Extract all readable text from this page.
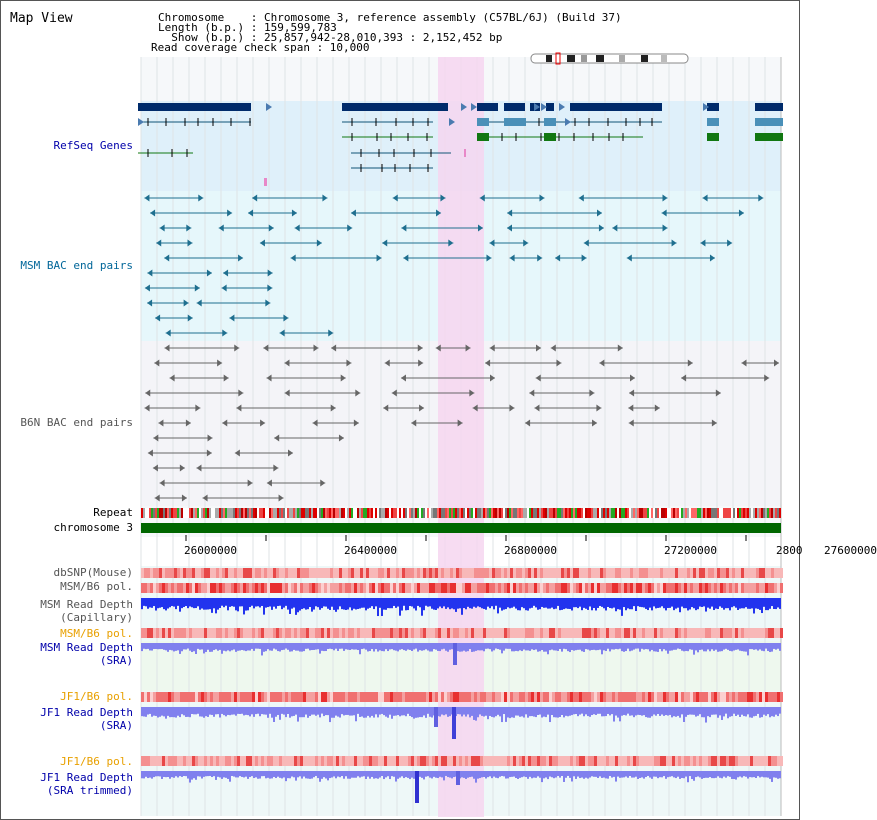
Map View	Chromosome    : Chromosome 3, reference assembly (C57BL/6J) (Build 37)
Length (b.p.) : 159,599,783
Show (b.p.) : 25,857,942-28,010,393 : 2,152,452 bp
Read coverage check span : 10,000
RefSeq Genes
MSM BAC end pairs
B6N BAC end pairs
Repeat
chromosome 3
dbSNP(Mouse)
MSM/B6 pol.
MSM Read Depth
(Capillary)
MSM/B6 pol.
MSM Read Depth
(SRA)
JF1/B6 pol.
JF1 Read Depth
(SRA)
JF1/B6 pol.
JF1 Read Depth
(SRA trimmed)
26000000	26400000	26800000	27200000	27600000
2800
